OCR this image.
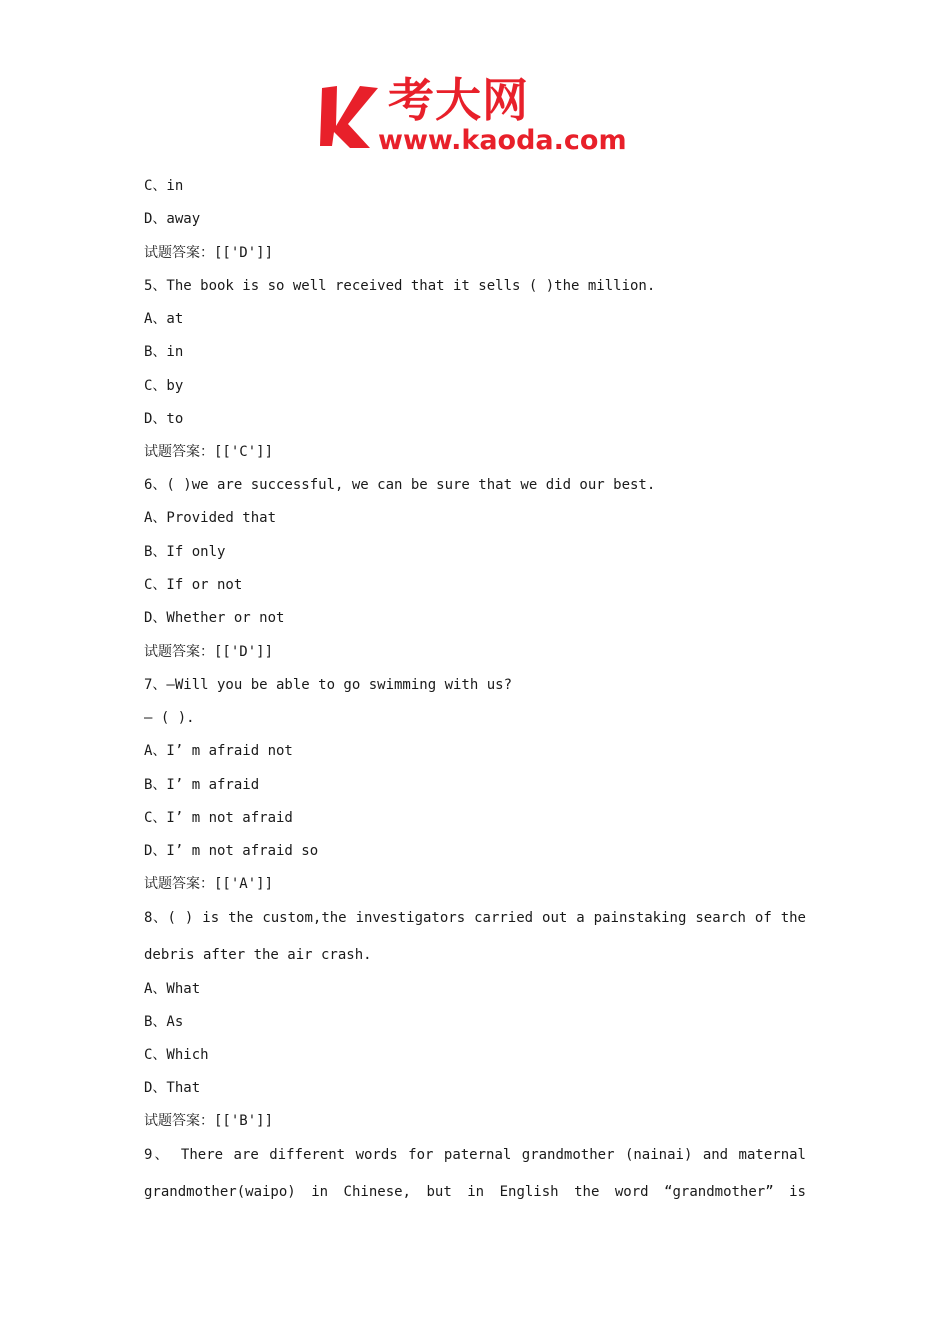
考大网
www.kaoda.com

C、in

D、away

试题答案：[['D']]

5、The book is so well received that it sells ( )the million.

A、at

B、in

C、by

D、to

试题答案：[['C']]

6、( )we are successful, we can be sure that we did our best.

A、Provided that

B、If only

C、If or not

D、Whether or not

试题答案：[['D']]

7、—Will you be able to go swimming with us?

— ( ).

A、I’ m afraid not

B、I’ m afraid

C、I’ m not afraid

D、I’ m not afraid so

试题答案：[['A']]

8、( ) is the custom,the investigators carried out a painstaking search of the

debris after the air crash.

A、What

B、As

C、Which

D、That

试题答案：[['B']]

9、 There are different words for paternal grandmother (nainai) and maternal

grandmother(waipo) in Chinese, but in English the word “grandmother” is
